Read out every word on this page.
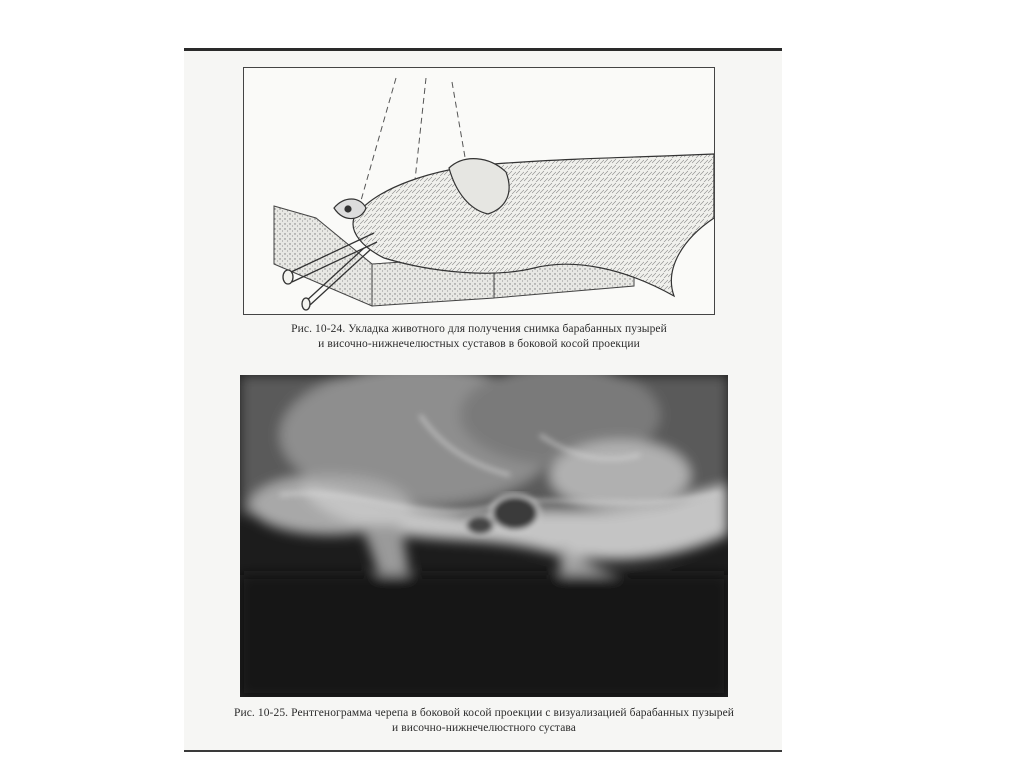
Рис. 10-24. Укладка животного для получения снимка барабанных пузырей
и височно-нижнечелюстных суставов в боковой косой проекции
Рис. 10-25. Рентгенограмма черепа в боковой косой проекции с визуализацией барабанных пузырей
и височно-нижнечелюстного сустава
